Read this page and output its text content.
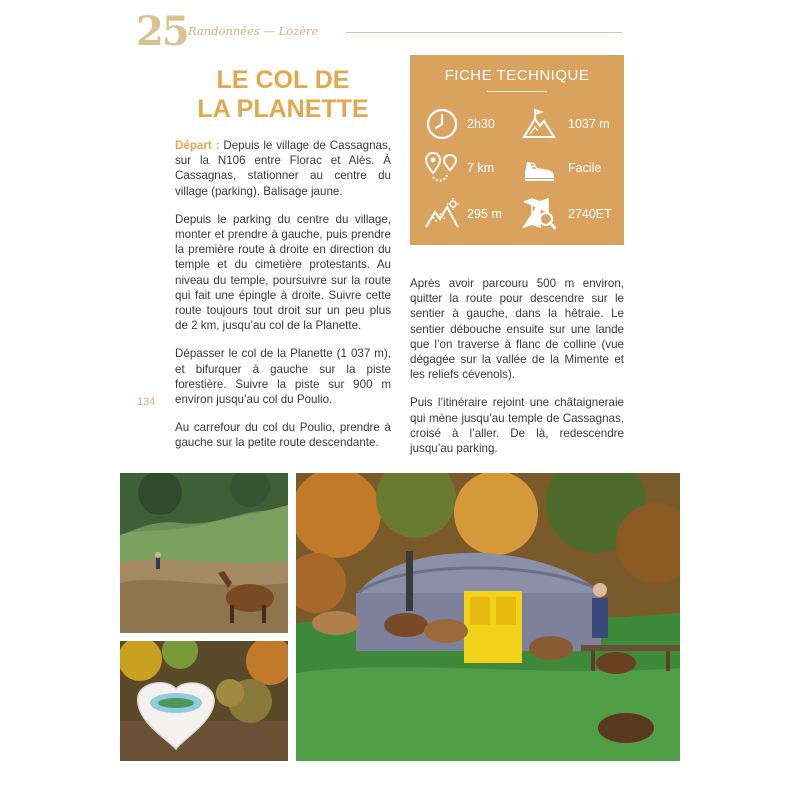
25 Randonnées — Lozère
LE COL DE
LA PLANETTE
134

Départ : Depuis le village de Cassagnas, sur la N106 entre Florac et Alès. À Cassagnas, stationner au centre du village (parking). Balisage jaune.

Depuis le parking du centre du village, monter et prendre à gauche, puis prendre la première route à droite en direction du temple et du cimetière protestants. Au niveau du temple, poursuivre sur la route qui fait une épingle à droite. Suivre cette route toujours tout droit sur un peu plus de 2 km, jusqu’au col de la Planette.

Dépasser le col de la Planette (1 037 m), et bifurquer à gauche sur la piste forestière. Suivre la piste sur 900 m environ jusqu’au col du Poulio.

Au carrefour du col du Poulio, prendre à gauche sur la petite route descendante.

FICHE TECHNIQUE
2h30	1037 m
7 km	Facile
295 m	2740ET

Après avoir parcouru 500 m environ, quitter la route pour descendre sur le sentier à gauche, dans la hêtraie. Le sentier débouche ensuite sur une lande que l’on traverse à flanc de colline (vue dégagée sur la vallée de la Mimente et les reliefs cévenols).

Puis l’itinéraire rejoint une châtaigneraie qui mène jusqu’au temple de Cassagnas, croisé à l’aller. De là, redescendre jusqu’au parking.
